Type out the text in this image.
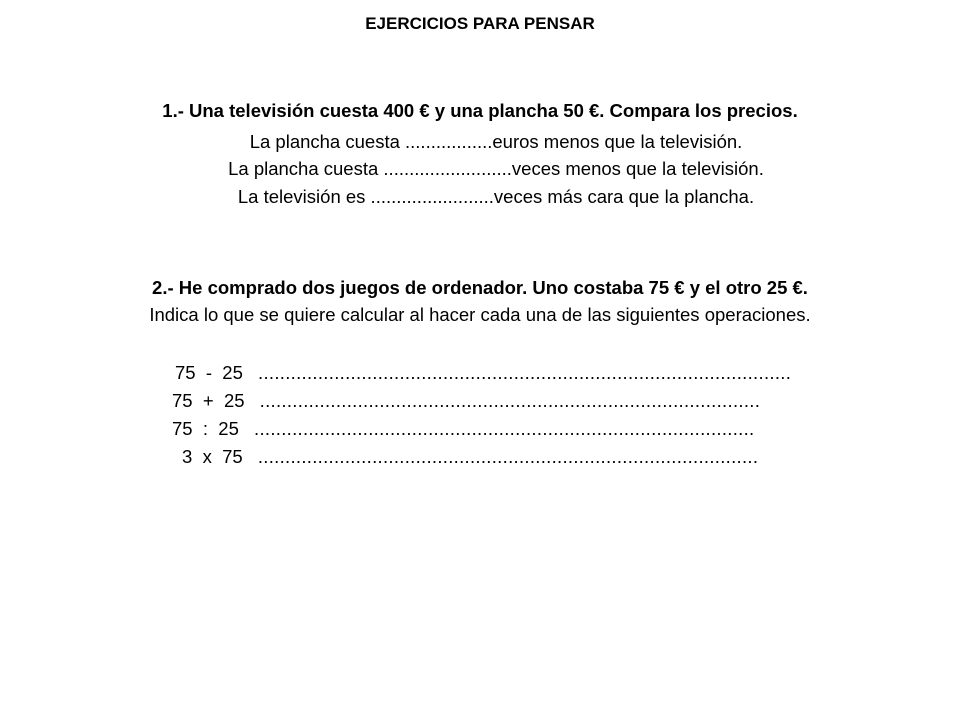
EJERCICIOS PARA PENSAR
1.- Una televisión cuesta 400 € y una plancha 50 €. Compara los precios.
La plancha cuesta .................euros menos que la televisión.
La plancha cuesta .........................veces menos que la televisión.
La televisión es ........................veces más cara que la plancha.
2.- He comprado dos juegos de ordenador. Uno costaba 75 € y el otro 25 €.
Indica lo que se quiere calcular al hacer cada una de las siguientes operaciones.
75  -  25 ..................................................................................................
75  +  25 ............................................................................................
75  :  25 ............................................................................................
3  x  75 ............................................................................................
